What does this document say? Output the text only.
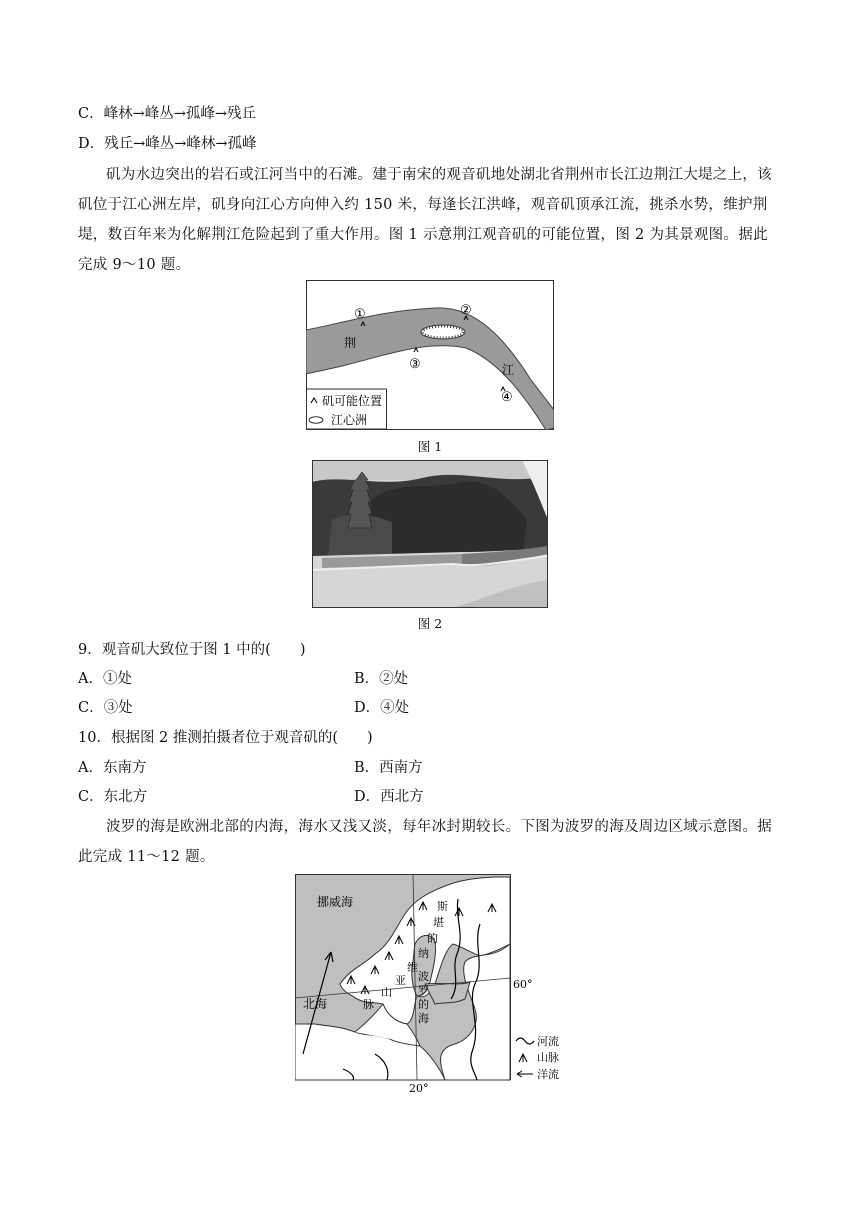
C．峰林→峰丛→孤峰→残丘
D．残丘→峰丛→峰林→孤峰
矶为水边突出的岩石或江河当中的石滩。建于南宋的观音矶地处湖北省荆州市长江边荆江大堤之上，该矶位于江心洲左岸，矶身向江心方向伸入约 150 米，每逢长江洪峰，观音矶顶承江流，挑杀水势，维护荆堤，数百年来为化解荆江危险起到了重大作用。图 1 示意荆江观音矶的可能位置，图 2 为其景观图。据此完成 9～10 题。
荆
江
①	②
③
④
矶可能位置
江心洲
图 1
图 2
9．观音矶大致位于图 1 中的(　　)
A．①处	B．②处
C．③处	D．④处
10．根据图 2 推测拍摄者位于观音矶的(　　)
A．东南方	B．西南方
C．东北方	D．西北方
波罗的海是欧洲北部的内海，海水又浅又淡，每年冰封期较长。下图为波罗的海及周边区域示意图。据此完成 11～12 题。
挪威海
北海
斯
堪
的
纳
维
亚
山
脉
波
罗
的
海
60°
20°
河流
山脉
洋流
